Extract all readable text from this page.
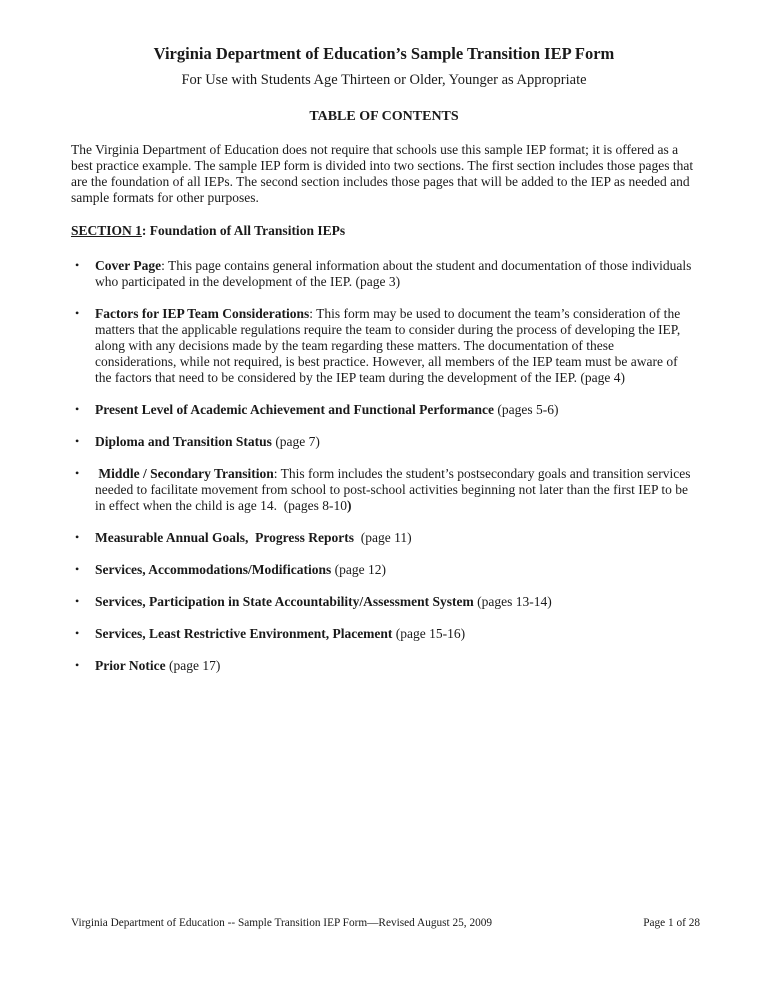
Virginia Department of Education’s Sample Transition IEP Form

For Use with Students Age Thirteen or Older, Younger as Appropriate

TABLE OF CONTENTS

The Virginia Department of Education does not require that schools use this sample IEP format; it is offered as a best practice example. The sample IEP form is divided into two sections. The first section includes those pages that are the foundation of all IEPs. The second section includes those pages that will be added to the IEP as needed and sample formats for other purposes.

SECTION 1: Foundation of All Transition IEPs
• Cover Page: This page contains general information about the student and documentation of those individuals who participated in the development of the IEP. (page 3)
• Factors for IEP Team Considerations: This form may be used to document the team’s consideration of the matters that the applicable regulations require the team to consider during the process of developing the IEP, along with any decisions made by the team regarding these matters. The documentation of these considerations, while not required, is best practice. However, all members of the IEP team must be aware of the factors that need to be considered by the IEP team during the development of the IEP. (page 4)
• Present Level of Academic Achievement and Functional Performance (pages 5-6)
• Diploma and Transition Status (page 7)
• Middle / Secondary Transition: This form includes the student’s postsecondary goals and transition services needed to facilitate movement from school to post-school activities beginning not later than the first IEP to be in effect when the child is age 14.  (pages 8-10)
• Measurable Annual Goals,  Progress Reports  (page 11)
• Services, Accommodations/Modifications (page 12)
• Services, Participation in State Accountability/Assessment System (pages 13-14)
• Services, Least Restrictive Environment, Placement (page 15-16)
• Prior Notice (page 17)
Virginia Department of Education -- Sample Transition IEP Form—Revised August 25, 2009	Page 1 of 28
